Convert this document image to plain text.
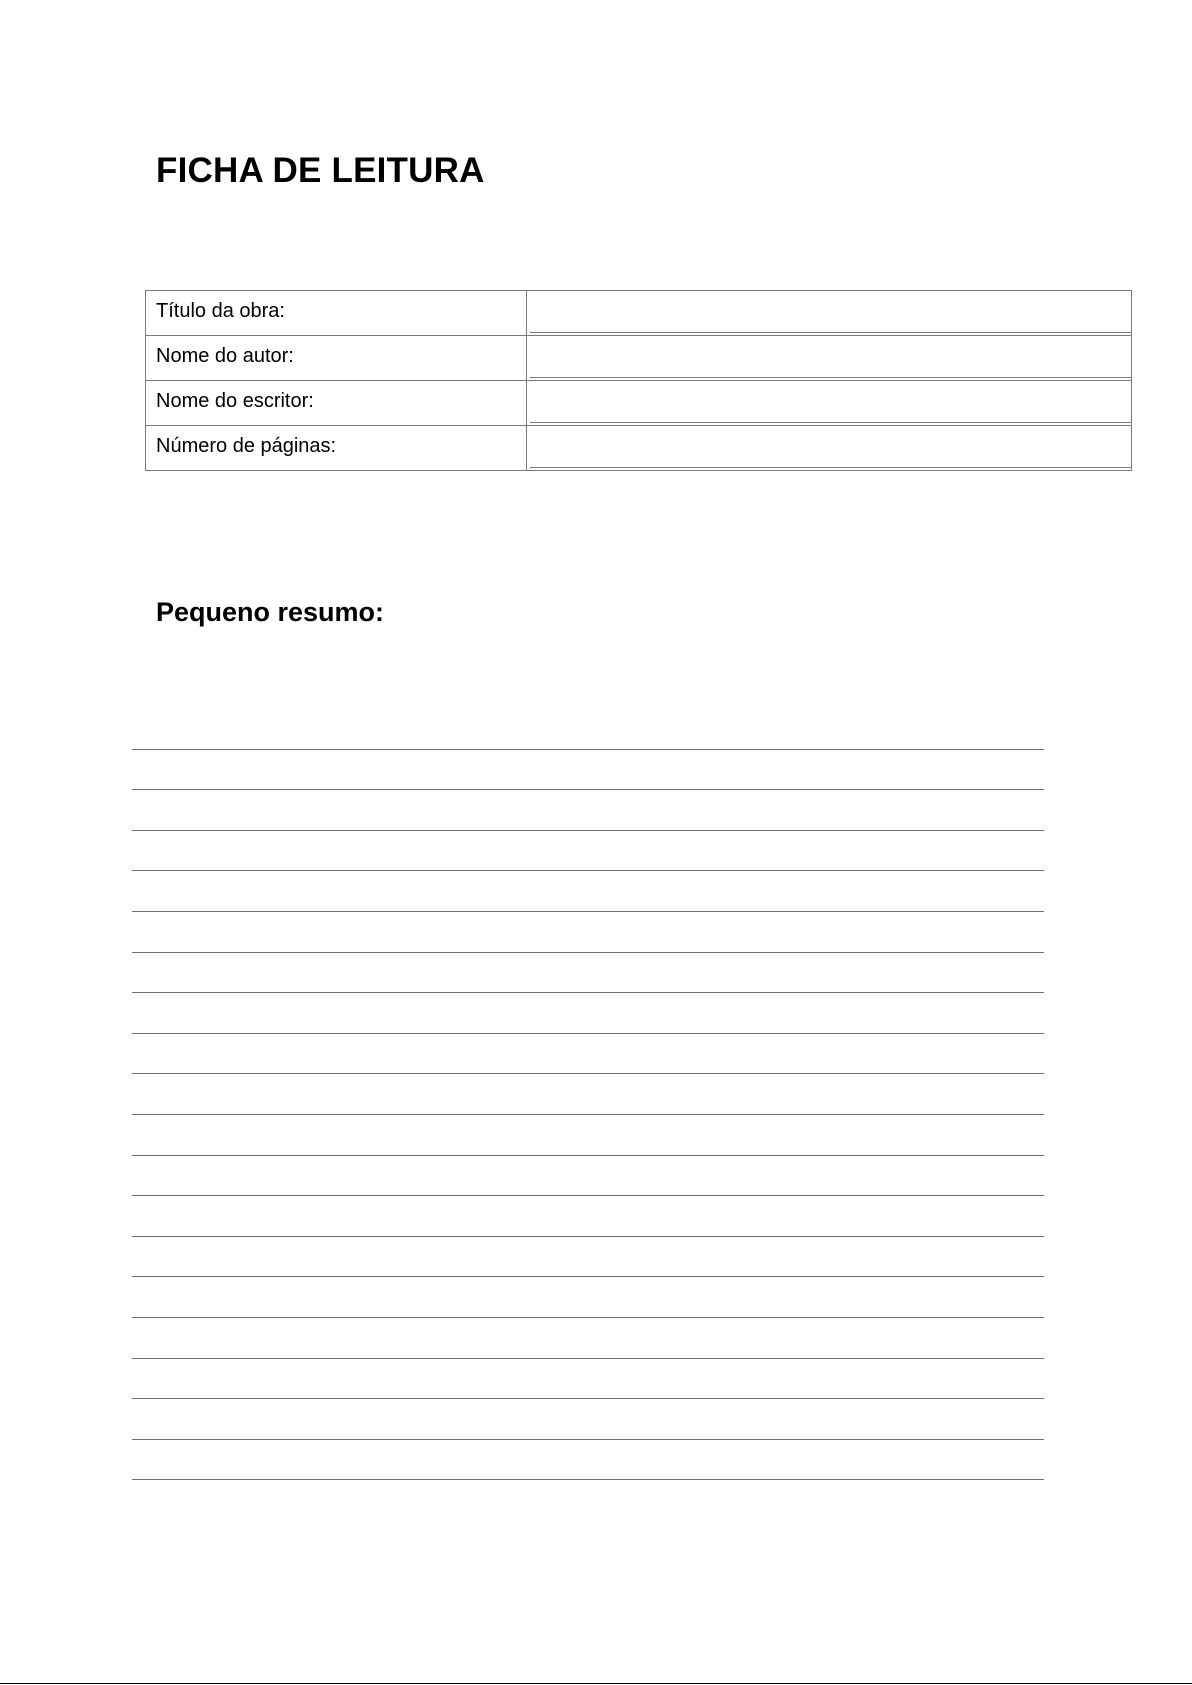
FICHA DE LEITURA
Título da obra:	

Nome do autor:	

Nome do escritor:	

Número de páginas:	
Pequeno resumo:
